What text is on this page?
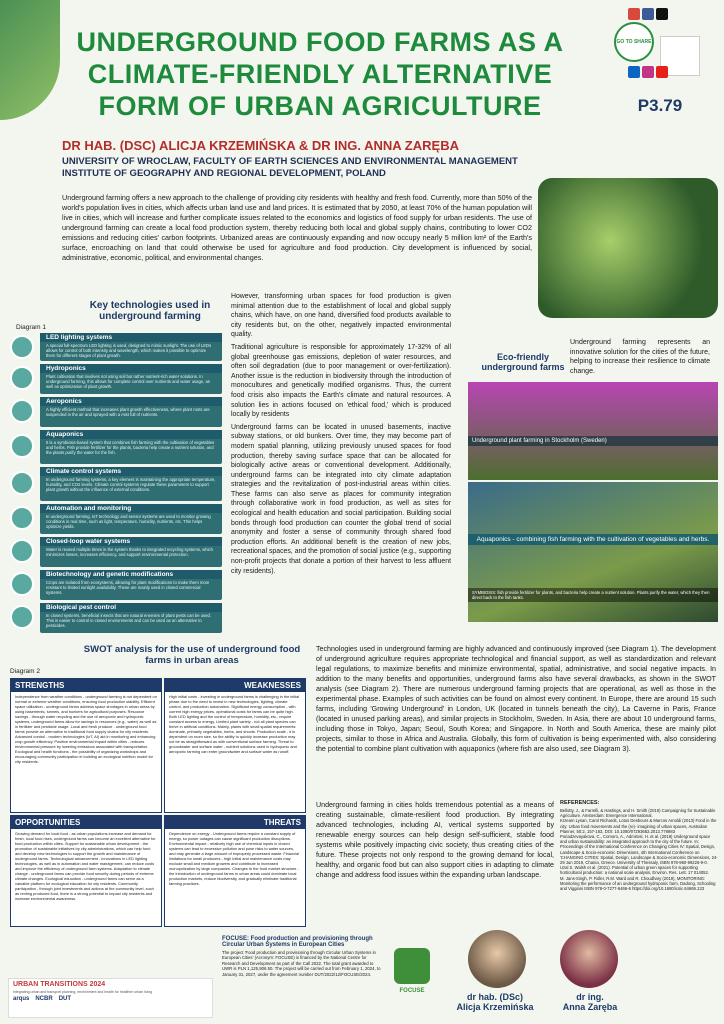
UNDERGROUND FOOD FARMS AS A CLIMATE-FRIENDLY ALTERNATIVE FORM OF URBAN AGRICULTURE	P3.79
DR HAB. (DSC) ALICJA KRZEMIŃSKA & DR ING. ANNA ZARĘBA
UNIVERSITY OF WROCLAW, FACULTY OF EARTH SCIENCES AND ENVIRONMENTAL MANAGEMENT
INSTITUTE OF GEOGRAPHY AND REGIONAL DEVELOPMENT, POLAND
GO TO SHARE
Underground farming offers a new approach to the challenge of providing city residents with healthy and fresh food. Currently, more than 50% of the world's population lives in cities, which affects urban land use and land prices. It is estimated that by 2050, at least 70% of the human population will live in cities, which will increase and further complicate issues related to the economics and logistics of food supply for urban residents. The use of underground farming can create a local food production system, thereby reducing both local and global supply chains, contributing to lower CO2 emissions and reducing cities' carbon footprints. Urbanized areas are continuously expanding and now occupy nearly 5 million km² of the Earth's surface, encroaching on land that could otherwise be used for agriculture and food production. City development is influenced by social, administrative, economic, political, and environmental changes.
Key technologies used in underground farming
Diagram 1
LED lighting systems
A special full-spectrum LED lighting is used, designed to mimic sunlight. The use of LEDs allows for control of both intensity and wavelength, which makes it possible to optimize them for different stages of plant growth.
Hydroponics
Plant cultivation that involves not using soil but rather nutrient-rich water solutions. In underground farming, this allows for complete control over nutrients and water usage, as well as optimization of plant growth.
Aeroponics
A highly efficient method that increases plant growth effectiveness, where plant roots are suspended in the air and sprayed with a mist full of nutrients.
Aquaponics
It is a symbiosis-based system that combines fish farming with the cultivation of vegetables and herbs. Fish provide fertilizer for the plants, bacteria help create a nutrient solution, and the plants purify the water for the fish.
Climate control systems
In underground farming systems, a key element is maintaining the appropriate temperature, humidity, and CO2 levels. Climate control systems regulate these parameters to support plant growth without the influence of external conditions.
Automation and monitoring
In underground farming, IoT technology and sensor systems are used to monitor growing conditions in real time, such as light, temperature, humidity, nutrients, etc. This helps optimize yields.
Closed-loop water systems
Water is reused multiple times in the system thanks to integrated recycling systems, which minimizes losses, increases efficiency, and support environmental protection.
Biotechnology and genetic modifications
Crops are isolated from ecosystems, allowing for plant modifications to make them more resistant to limited sunlight availability. These are mainly used in closed commercial systems.
Biological pest control
In closed systems, beneficial insects that are natural enemies of plant pests can be used. This is easier to control in closed environments and can be used as an alternative to pesticides.

However, transforming urban spaces for food production is given minimal attention due to the establishment of local and global supply chains, which have, on one hand, diversified food products available to city residents but, on the other, negatively impacted environmental quality.

Traditional agriculture is responsible for approximately 17-32% of all global greenhouse gas emissions, depletion of water resources, and often soil degradation (due to poor management or over-fertilization). Another issue is the reduction in biodiversity through the introduction of monocultures and genetically modified organisms. Thus, the current food crisis also impacts the Earth's climate and natural resources. A solution lies in actions focused on 'ethical food,' which is produced locally by residents

Underground farms can be located in unused basements, inactive subway stations, or old bunkers. Over time, they may become part of modern spatial planning, utilizing previously unused spaces for food production, thereby saving surface space that can be allocated for biologically active areas or conventional development. Additionally, underground farms can be integrated into city climate adaptation strategies and the revitalization of post-industrial areas within cities. These farms can also serve as places for community integration through collaborative work in food production, as well as sites for ecological and health education and social participation. Building social bonds through food production can counter the global trend of social anonymity and foster a sense of community through shared food production efforts. An additional benefit is the creation of new jobs, recreational spaces, and the promotion of social justice (e.g., supporting non-profit projects that donate a portion of their harvest to less affluent city residents).

Eco-friendly underground farms
Underground farming represents an innovative solution for the cities of the future, helping to increase their resilience to climate change.
Underground plant farming in Stockholm (Sweden)
Aquaponics - combining fish farming with the cultivation of vegetables and herbs.
SYMBIOSIS: fish provide fertilizer for plants, and bacteria help create a nutrient solution. Plants purify the water, which they then direct back to the fish tanks.
SWOT analysis for the use of underground food farms in urban areas
Diagram 2
STRENGTHS
Independence from weather conditions - underground farming is not dependent on normal or extreme weather conditions, ensuring food production stability. Efficient space utilization - underground farms address space shortages in urban areas by using basements, tunnels, and bunkers for agricultural purposes. Resource savings - through water recycling and the use of aeroponic and hydroponic systems, underground farms allow for savings in resources (e.g., water) as well as in fertilizer and pesticide usage. Local and fresh produce - underground food farms provide an alternative to traditional food supply chains for city residents. Advanced control - modern technologies (IoT, AI) aid in monitoring and enhancing crop growth efficiency. Positive environmental impact within cities - reduces environmental pressure by lowering emissions associated with transportation. Ecological and health functions - the possibility of organizing workshops and encouraging community participation in building an ecological nutrition model for city residents.
WEAKNESSES
High initial costs - investing in underground farms is challenging in the initial phase due to the need to invest in new technologies, lighting, climate control, and production automation. Significant energy consumption - with current high energy prices, operational costs for farms can be quite high. Both LED lighting and the control of temperature, humidity, etc., require constant access to energy. Limited plant variety - not all plant species can thrive in artificial conditions. Mainly, plants with small spatial requirements dominate, primarily vegetables, herbs, and shoots. Production scale - it is dependent on room size, so the ability to quickly increase production may not be as straightforward as with conventional surface farming. Threat to groundwater and surface water - nutrient solutions used in hydroponic and aeroponic farming can enter groundwater and surface water as runoff.
OPPORTUNITIES
Growing demand for local food - as urban populations increase and demand for fresh, local food rises, underground farms can become an excellent alternative for food production within cities. Support for sustainable urban development - the promotion of sustainable initiatives by city administrations, which can help fund and develop new technologies to support the growth and maintenance of underground farms. Technological advancement - innovations in LED lighting technologies, as well as in automation and water management, can reduce costs and improve the efficiency of underground farm systems. Adaptation to climate change - underground farms can provide food security during periods of extreme climate changes. Ecological education - underground farms can serve as a valuable platform for ecological education for city residents. Community participation - through joint investments and actions at the community level, such as renting produced food, there is a strong potential to impact city residents and increase environmental awareness.
THREATS
Dependence on energy - Underground farms require a constant supply of energy, so power outages can cause significant production disruptions. Environmental impact - relatively high use of chemical inputs in closed systems can lead to excessive pollution and pose risks to water sources, and may generate a large amount of improperly processed waste. Financial limitations for small producers - high initial and maintenance costs may exclude small and medium growers and contribute to increased monopolization by large companies. Changes to the food market structure - the introduction of underground farms in urban areas could dominate local production markets, reduce biodiversity, and gradually eliminate traditional farming practices.
Technologies used in underground farming are highly advanced and continuously improved (see Diagram 1). The development of underground agriculture requires appropriate technological and financial support, as well as standardization and relevant legal regulations, to maximize benefits and minimize environmental, spatial, administrative, and social negative impacts. In addition to the many benefits and opportunities, underground farms also have several drawbacks, as shown in the SWOT analysis (see Diagram 2). There are numerous underground farming projects that are operational, as well as those in the experimental phase. Examples of such activities can be found on almost every continent. In Europe, there are around 15 such farms, including 'Growing Underground' in London, UK (located in tunnels beneath the city), La Caverne in Paris, France (located in unused parking areas), and similar projects in Stockholm, Sweden. In Asia, there are about 10 underground farms, including those in Tokyo, Japan; Seoul, South Korea; and Singapore. In North and South America, these are mainly pilot projects, similar to those in Africa and Australia. Globally, this form of cultivation is being experimented with, also considering the potential to combine plant cultivation with aquaponics (where fish are also used, see Diagram 3).
Underground farming in cities holds tremendous potential as a means of creating sustainable, climate-resilient food production. By integrating advanced technologies, including AI, vertical systems supported by renewable energy sources can help design self-sufficient, stable food systems while positively impacting civic society, thus creating cities of the future. These projects not only respond to the growing demand for local, healthy, and organic food but can also support cities in adapting to climate change and address food issues within the expanding urban landscape.
REFERENCES:
Bellotty, J., & Farrelli, & Hastings, and H. Smith (2019) Campaigning for Sustainable Agriculture. Amsterdam: Emergence International.
Krzeam Lysan, Carol Richards, Lotus Desbours & Marcos Arnoldi (2013) Food in the city: Urban food movements and the (re)- imagining of urban spaces, Australian Planner, 50:2, 157-163, DOI: 10.1080/07293682.2013.776983
Poriadzevayakova, C., Comoro, A., Admirosi, H. et al. (2019) Underground space and urban sustainability: an integrated approach to the city of the future. In: Proceedings of the International Conference on Changing Cities IV: Spatial, Design, Landscape & Socio-economic Dimensions, 4th International Conference on 'CHANGING CITIES: Spatial, Design, Landscape & Socio-economic Dimensions, 24-29 Jun 2019, Chania, Greece. University of Thessaly, ISBN 978-960-99226-9-0.
Uzal S. Walsh et al. (2021). Potential of urban green spaces for supporting horticultural production: a national scale analysis, Environ. Res. Lett. 17 014052.
M. Jans-Singh, P. Fidler, R.M. Ward and R. Choudhary (2019), MONITORING: Monitoring the performance of an underground hydroponic farm, Dadong, Schooling and Viggiani ISBN 978-0-7277-6466-6 https://doi.org/10.1680/icsic.64669.133
FOCUSE: Food production and provisioning through Circular Urban Systems in European Cities
The project 'Food production and provisioning through Circular Urban Systems in European Cities' (Acronym: FOCUSE) is financed by the National Centre for Research and Development as part of the Call 2022. The total grant awarded to UWR is PLN 1,125,906.50. The project will be carried out from February 1, 2024, to January 31, 2027, under the agreement number DUT/2022/12/FOCUSE/2024.
FOCUSE
URBAN TRANSITIONS 2024
Integrating urban and transport planning, environment and health for healthier urban living
arqus NCBR DUT	dr hab. (DSc)
Alicja Krzemińska
dr ing.
Anna Zaręba
